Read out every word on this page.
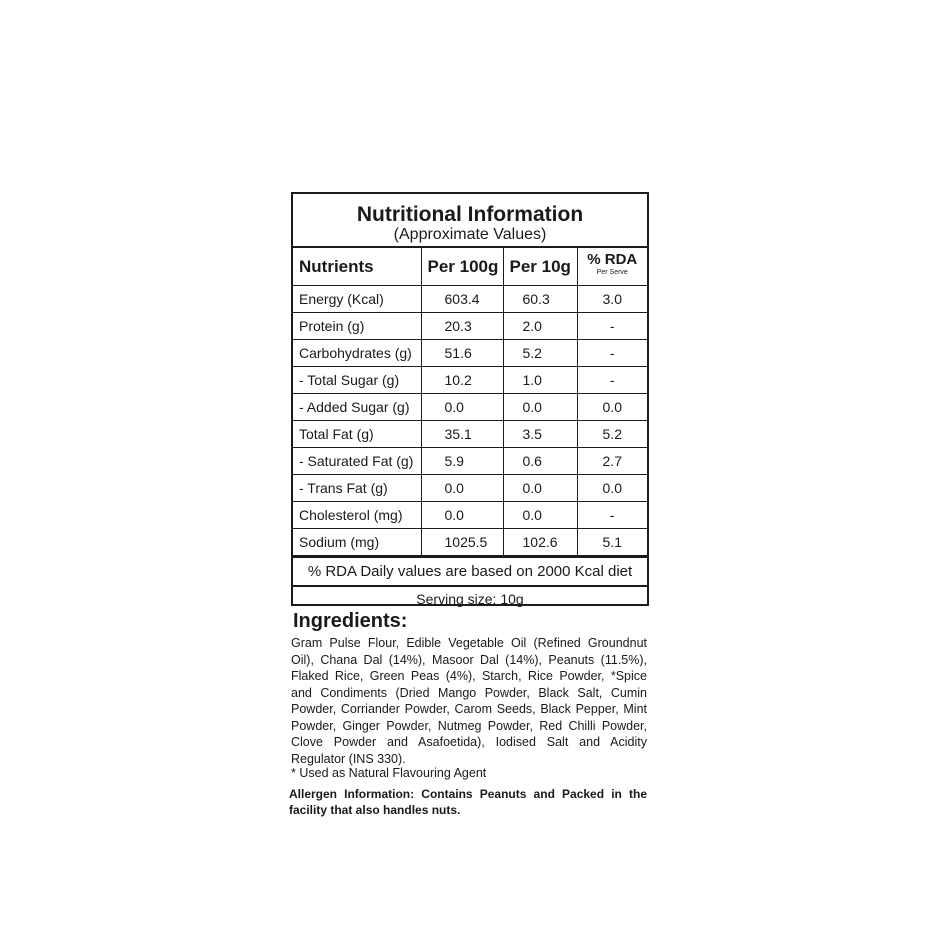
Nutritional Information
(Approximate Values)
Nutrients	Per 100g	Per 10g	% RDA
Per Serve

Energy (Kcal)	603.4	60.3	3.0
Protein (g)	20.3	2.0	-
Carbohydrates (g)	51.6	5.2	-
- Total Sugar (g)	10.2	1.0	-
- Added Sugar (g)	0.0	0.0	0.0
Total Fat (g)	35.1	3.5	5.2
- Saturated Fat (g)	5.9	0.6	2.7
- Trans Fat (g)	0.0	0.0	0.0
Cholesterol (mg)	0.0	0.0	-
Sodium (mg)	1025.5	102.6	5.1
% RDA Daily values are based on 2000 Kcal diet
Serving size: 10g
Ingredients:
Gram Pulse Flour, Edible Vegetable Oil (Refined Groundnut Oil), Chana Dal (14%), Masoor Dal (14%), Peanuts (11.5%), Flaked Rice, Green Peas (4%), Starch, Rice Powder, *Spice and Condiments (Dried Mango Powder, Black Salt, Cumin Powder, Corriander Powder, Carom Seeds, Black Pepper, Mint Powder, Ginger Powder, Nutmeg Powder, Red Chilli Powder, Clove Powder and Asafoetida), Iodised Salt and Acidity Regulator (INS 330).
* Used as Natural Flavouring Agent
Allergen Information: Contains Peanuts and Packed in the facility that also handles nuts.
